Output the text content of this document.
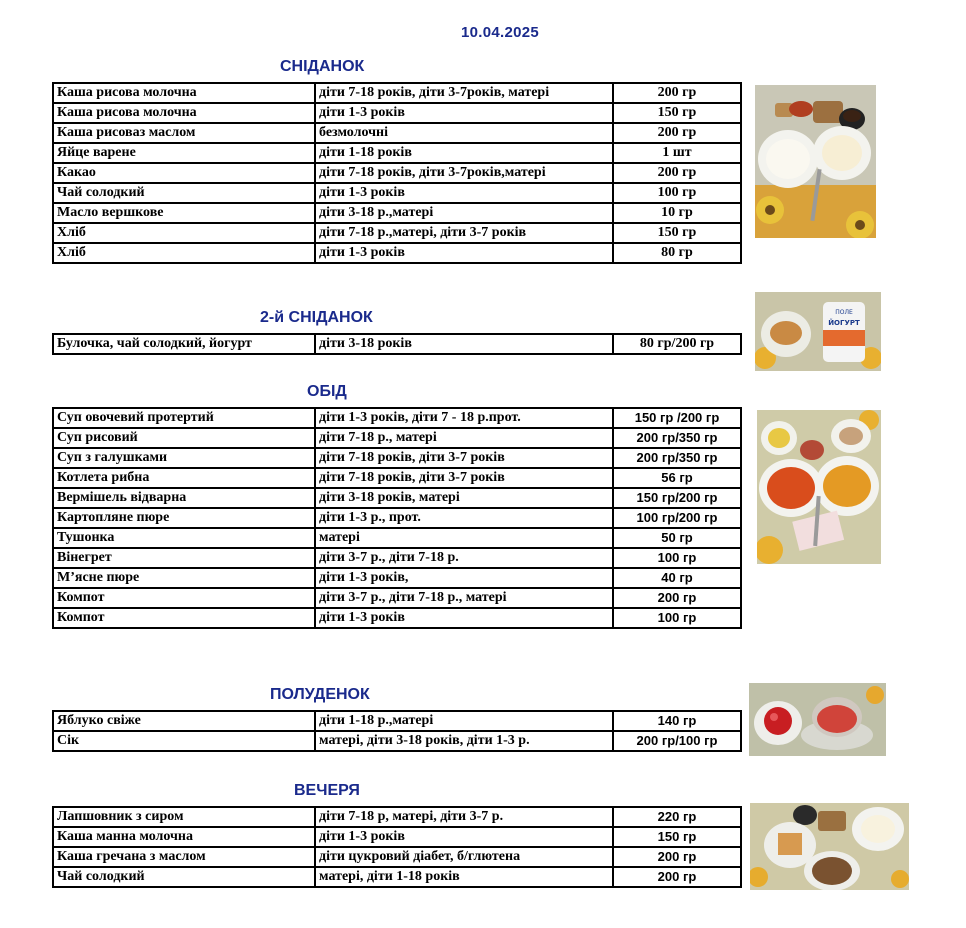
10.04.2025
СНІДАНОК
Каша рисова молочна	діти 7-18 років, діти 3-7років, матері	200 гр
Каша рисова молочна	діти 1-3 років	150 гр
Каша рисоваз маслом	безмолочні	200 гр
Яйце варене	діти 1-18 років	1 шт
Какао	діти 7-18 років, діти 3-7років,матері	200 гр
Чай солодкий	діти 1-3 років	100 гр
Масло вершкове	діти 3-18 р.,матері	10 гр
Хліб	діти 7-18 р.,матері, діти 3-7 років	150 гр
Хліб	діти 1-3 років	80 гр
2-й СНІДАНОК
Булочка, чай солодкий, йогурт	діти 3-18 років	80 гр/200 гр
ОБІД
Суп овочевий протертий	діти 1-3 років, діти 7 - 18 р.прот.	150 гр /200 гр
Суп рисовий	діти 7-18 р., матері	200 гр/350 гр
Суп з галушками	діти 7-18 років, діти 3-7 років	200 гр/350 гр
Котлета рибна	діти 7-18 років, діти 3-7 років	56 гр
Вермішель відварна	діти 3-18 років, матері	150 гр/200 гр
Картопляне пюре	діти 1-3 р., прот.	100 гр/200 гр
Тушонка	матері	50 гр
Вінегрет	діти 3-7 р., діти 7-18 р.	100 гр
М’ясне пюре	діти 1-3 років,	40 гр
Компот	діти 3-7 р., діти 7-18 р., матері	200 гр
Компот	діти 1-3 років	100 гр
ПОЛУДЕНОК
Яблуко свіже	діти 1-18 р.,матері	140 гр
Сік	матері, діти 3-18 років, діти 1-3 р.	200 гр/100 гр
ВЕЧЕРЯ
Лапшовник з сиром	діти 7-18 р, матері, діти 3-7 р.	220 гр
Каша манна молочна	діти 1-3 років	150 гр
Каша гречана з маслом	діти цукровий діабет, б/глютена	200 гр
Чай солодкий	матері, діти 1-18 років	200 гр
ПОЛЕ
ЙОГУРТ
